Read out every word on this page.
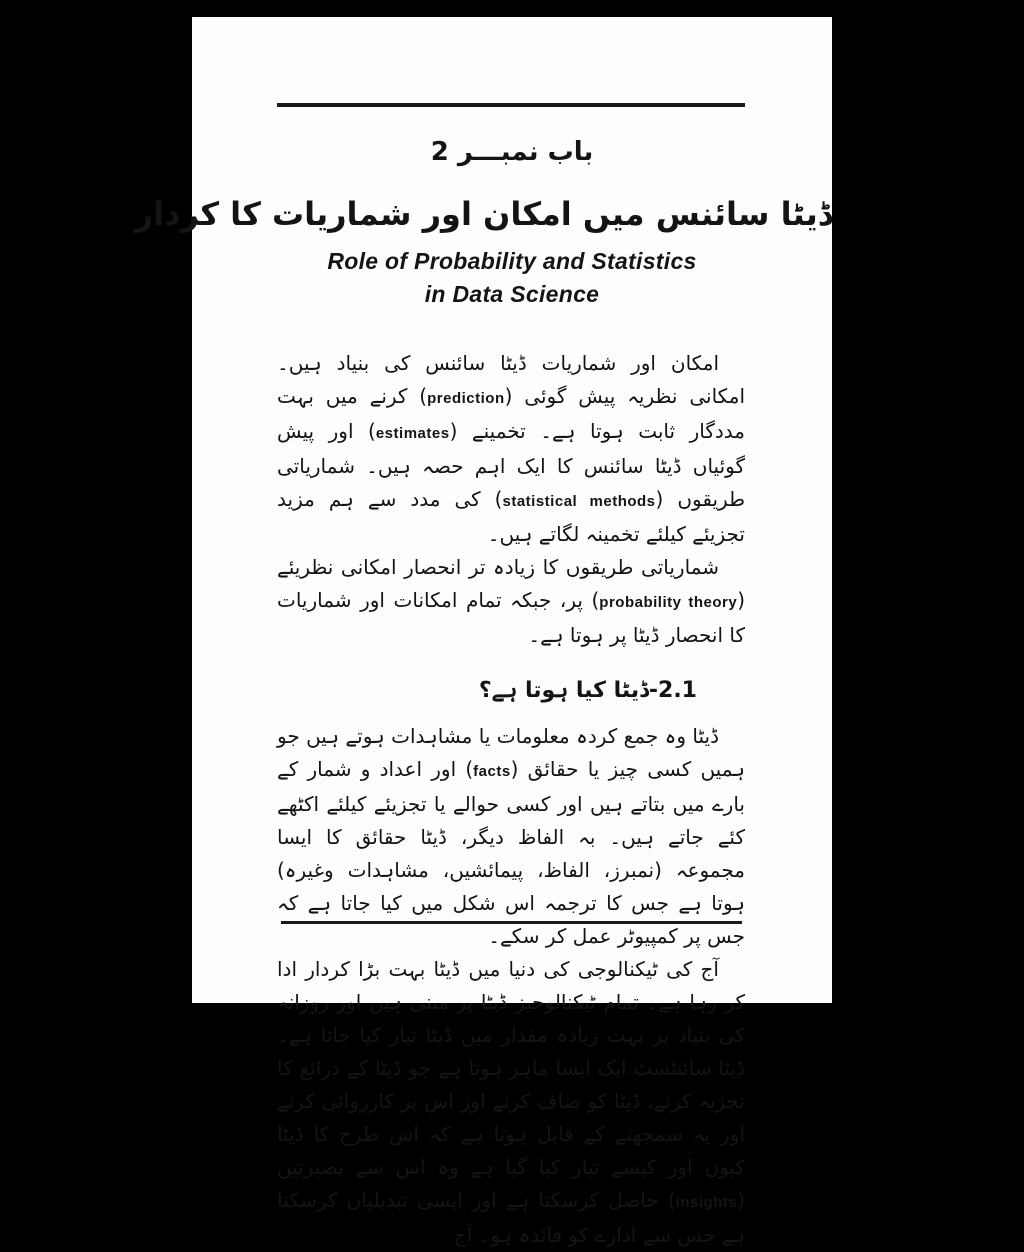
باب نمبـــر 2
ڈیٹا سائنس میں امکان اور شماریات کا کردار
Role of Probability and Statistics
in Data Science

امکان اور شماریات ڈیٹا سائنس کی بنیاد ہیں۔ امکانی نظریہ پیش گوئی (prediction) کرنے میں بہت مددگار ثابت ہوتا ہے۔ تخمینے (estimates) اور پیش گوئیاں ڈیٹا سائنس کا ایک اہم حصہ ہیں۔ شماریاتی طریقوں (statistical methods) کی مدد سے ہم مزید تجزیئے کیلئے تخمینہ لگاتے ہیں۔

شماریاتی طریقوں کا زیادہ تر انحصار امکانی نظریئے (probability theory) پر، جبکہ تمام امکانات اور شماریات کا انحصار ڈیٹا پر ہوتا ہے۔

2.1-ڈیٹا کیا ہوتا ہے؟

ڈیٹا وہ جمع کردہ معلومات یا مشاہدات ہوتے ہیں جو ہمیں کسی چیز یا حقائق (facts) اور اعداد و شمار کے بارے میں بتاتے ہیں اور کسی حوالے یا تجزیئے کیلئے اکٹھے کئے جاتے ہیں۔ بہ الفاظ دیگر، ڈیٹا حقائق کا ایسا مجموعہ (نمبرز، الفاظ، پیمائشیں، مشاہدات وغیرہ) ہوتا ہے جس کا ترجمہ اس شکل میں کیا جاتا ہے کہ جس پر کمپیوٹر عمل کر سکے۔

آج کی ٹیکنالوجی کی دنیا میں ڈیٹا بہت بڑا کردار ادا کر رہا ہے۔ تمام ٹیکنالوجیز ڈیٹا پر مبنی ہیں اور روزانہ کی بنیاد پر بہت زیادہ مقدار میں ڈیٹا تیار کیا جاتا ہے۔ ڈیٹا سائنٹسٹ ایک ایسا ماہر ہوتا ہے جو ڈیٹا کے ذرائع کا تجزیہ کرنے، ڈیٹا کو صاف کرنے اور اس پر کارروائی کرنے اور یہ سمجھنے کے قابل ہوتا ہے کہ اس طرح کا ڈیٹا کیوں اور کیسے تیار کیا گیا ہے وہ اس سے بصیرتیں (insights) حاصل کرسکتا ہے اور ایسی تبدیلیاں کرسکتا ہے جس سے ادارے کو فائدہ ہو۔ آج
